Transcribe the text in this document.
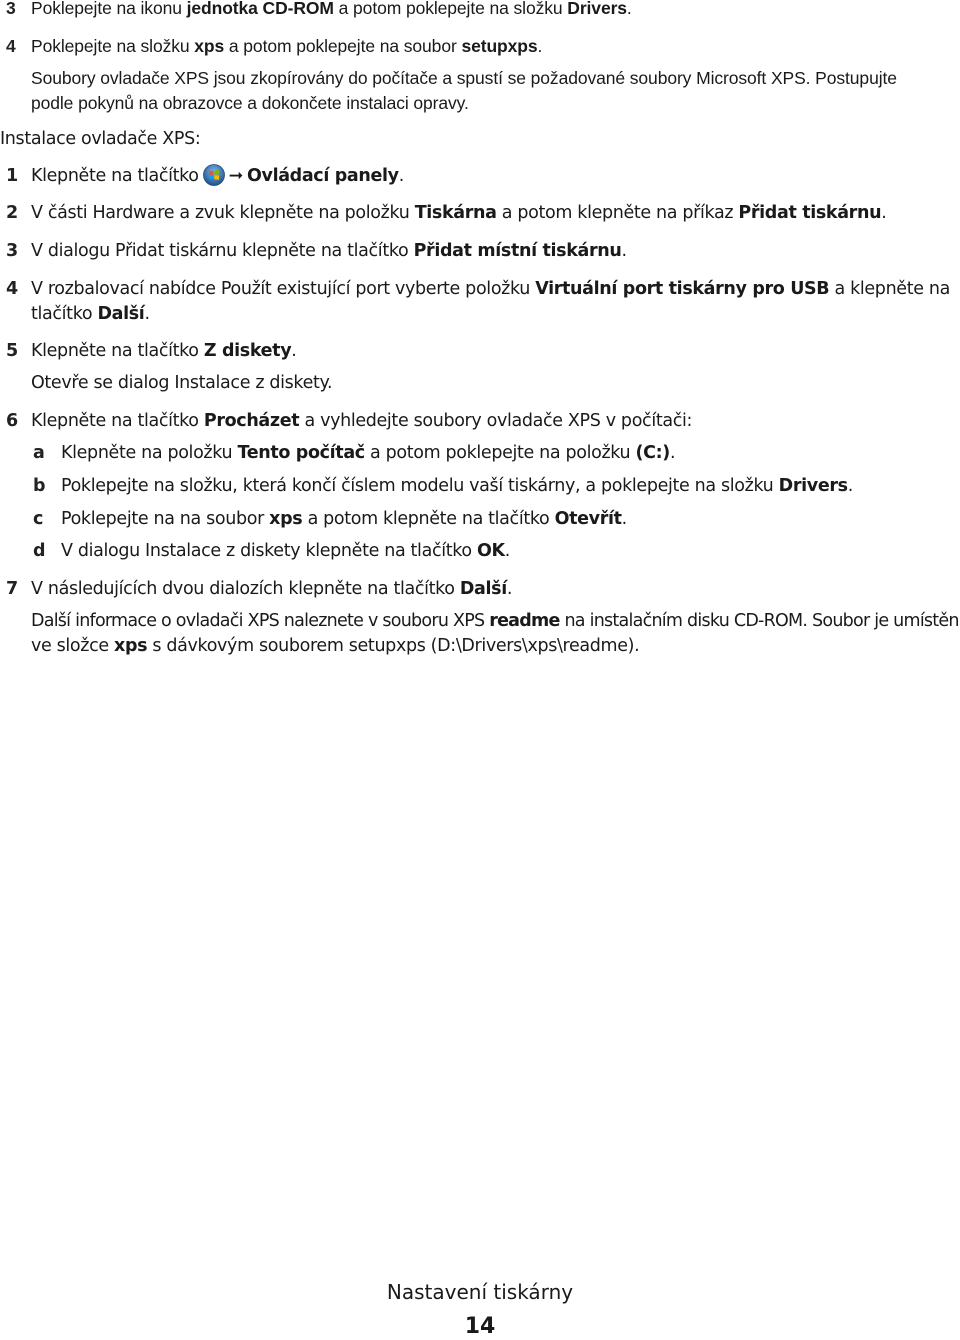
3 Poklepejte na ikonu jednotka CD-ROM a potom poklepejte na složku Drivers.
4 Poklepejte na složku xps a potom poklepejte na soubor setupxps.
Soubory ovladače XPS jsou zkopírovány do počítače a spustí se požadované soubory Microsoft XPS. Postupujte
podle pokynů na obrazovce a dokončete instalaci opravy.
Instalace ovladače XPS:
1 Klepněte na tlačítko ➞ Ovládací panely.
2 V části Hardware a zvuk klepněte na položku Tiskárna a potom klepněte na příkaz Přidat tiskárnu.
3 V dialogu Přidat tiskárnu klepněte na tlačítko Přidat místní tiskárnu.
4 V rozbalovací nabídce Použít existující port vyberte položku Virtuální port tiskárny pro USB a klepněte na
tlačítko Další.
5 Klepněte na tlačítko Z diskety.
Otevře se dialog Instalace z diskety.
6 Klepněte na tlačítko Procházet a vyhledejte soubory ovladače XPS v počítači:
a Klepněte na položku Tento počítač a potom poklepejte na položku (C:).
b Poklepejte na složku, která končí číslem modelu vaší tiskárny, a poklepejte na složku Drivers.
c Poklepejte na na soubor xps a potom klepněte na tlačítko Otevřít.
d V dialogu Instalace z diskety klepněte na tlačítko OK.
7 V následujících dvou dialozích klepněte na tlačítko Další.
Další informace o ovladači XPS naleznete v souboru XPS readme na instalačním disku CD-ROM. Soubor je umístěn
ve složce xps s dávkovým souborem setupxps (D:\Drivers\xps\readme).
Nastavení tiskárny
14
